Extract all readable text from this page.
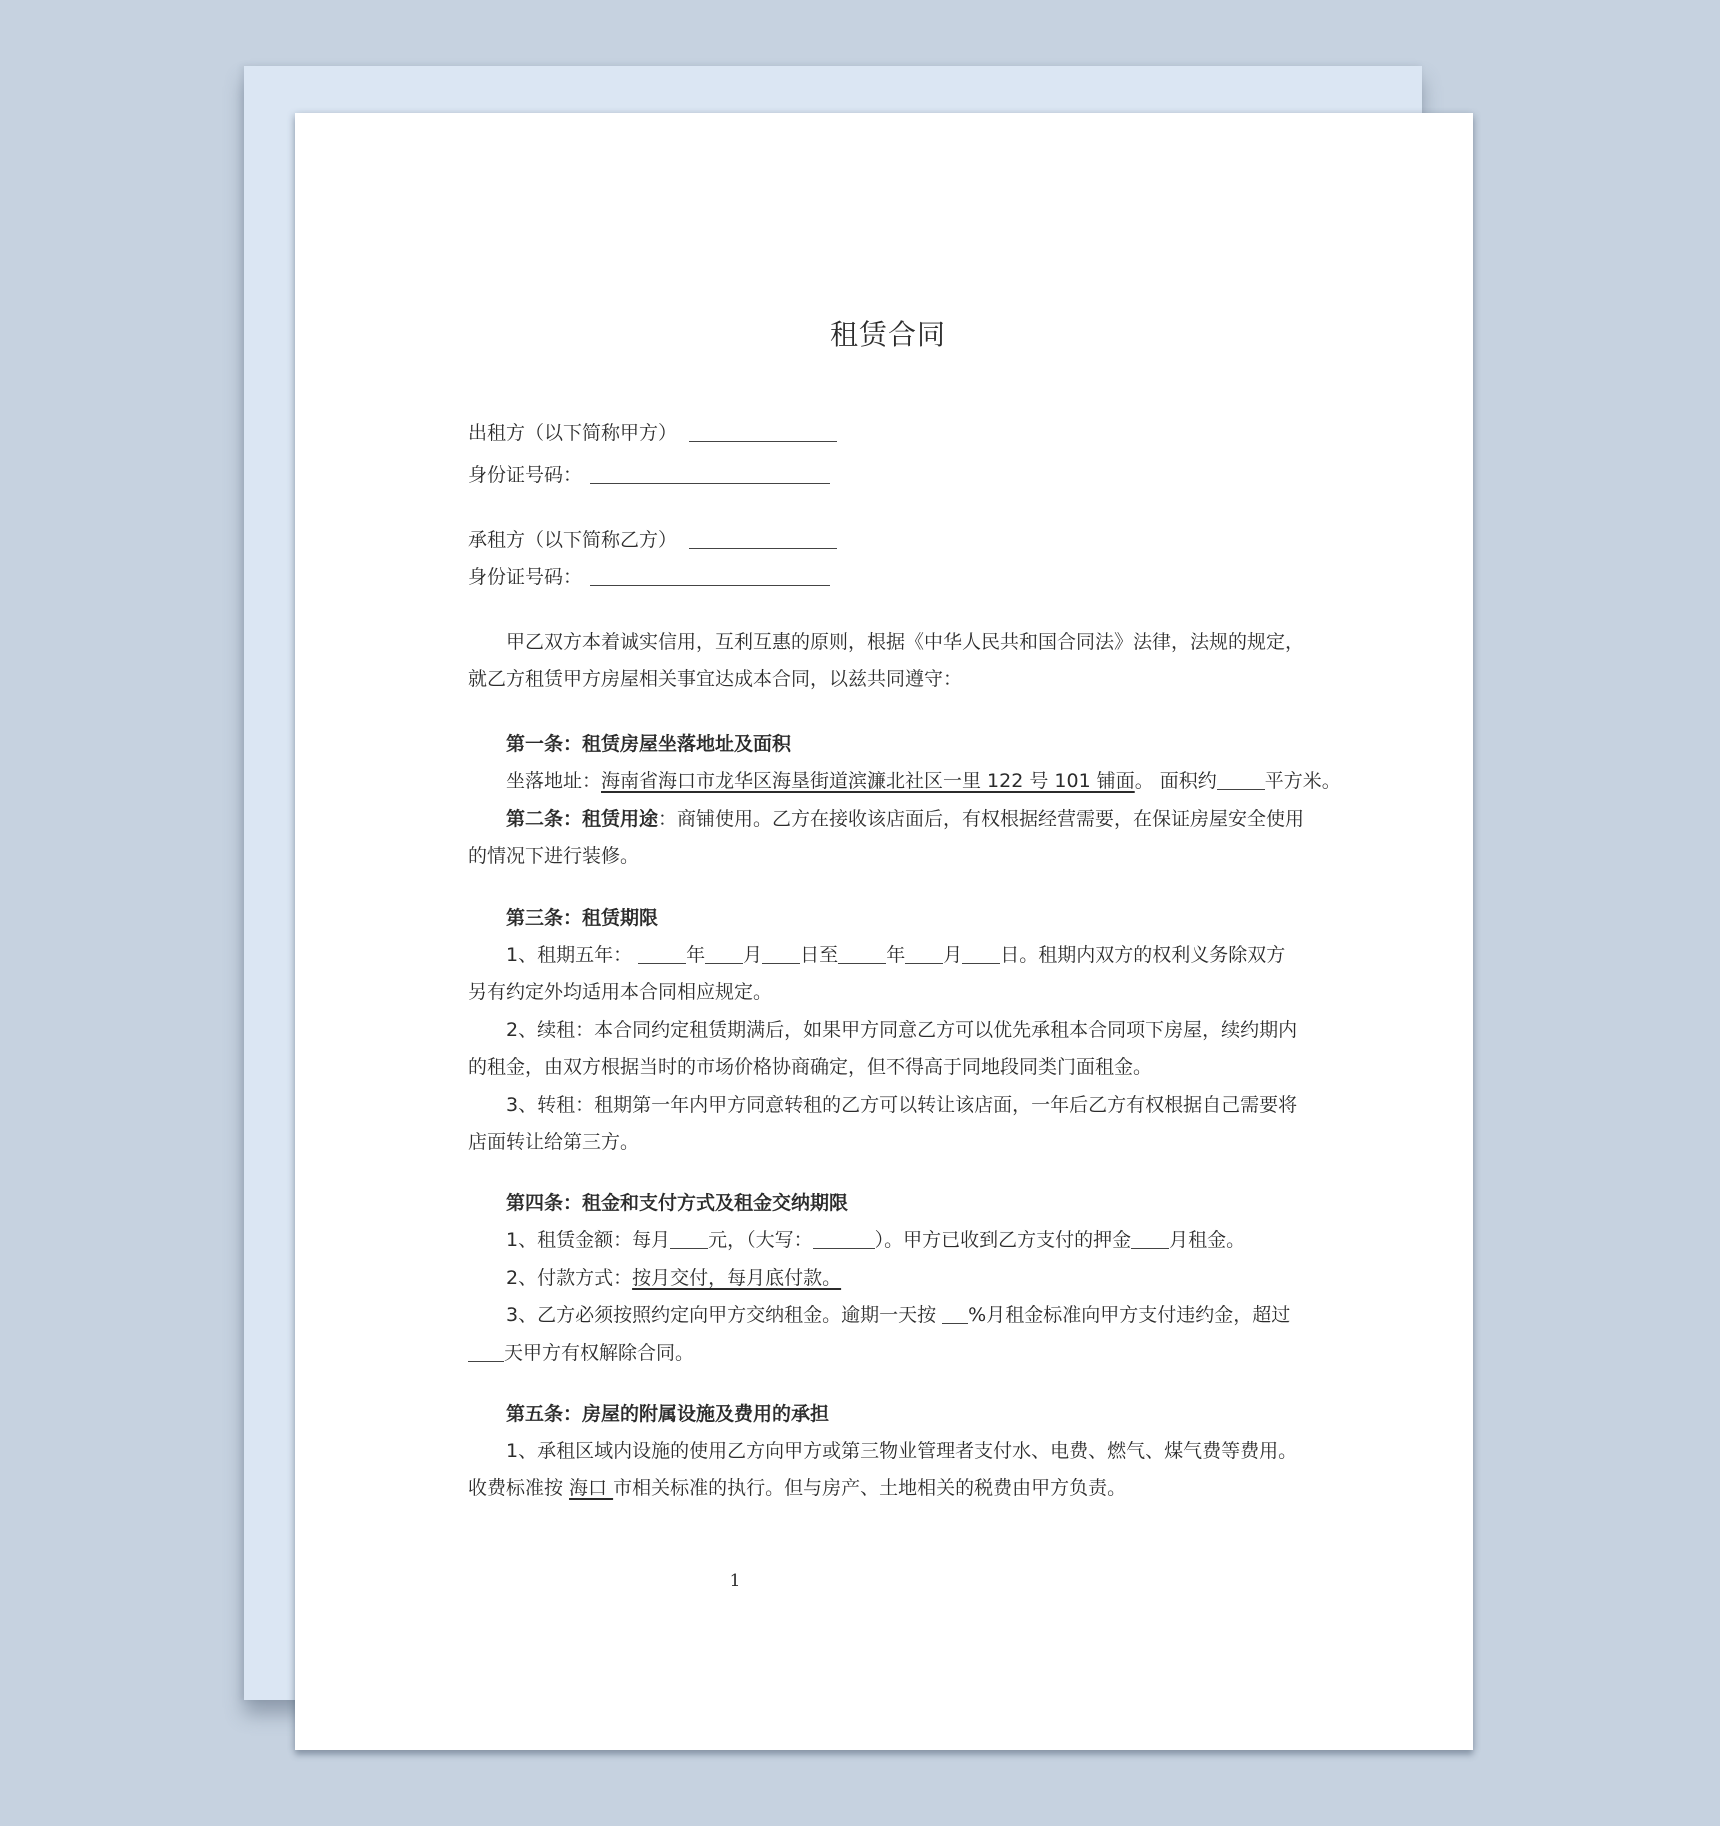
租赁合同
出租方（以下简称甲方）
身份证号码：
承租方（以下简称乙方）
身份证号码：
甲乙双方本着诚实信用，互利互惠的原则，根据《中华人民共和国合同法》法律，法规的规定，
就乙方租赁甲方房屋相关事宜达成本合同，以兹共同遵守：
第一条：租赁房屋坐落地址及面积
坐落地址：海南省海口市龙华区海垦街道滨濂北社区一里 122 号 101 铺面。 面积约	平方米。
第二条：租赁用途：商铺使用。乙方在接收该店面后，有权根据经营需要，在保证房屋安全使用
的情况下进行装修。
第三条：租赁期限
1、租期五年：	年 月 日至	年 月 日。租期内双方的权利义务除双方
另有约定外均适用本合同相应规定。
2、续租：本合同约定租赁期满后，如果甲方同意乙方可以优先承租本合同项下房屋，续约期内
的租金，由双方根据当时的市场价格协商确定，但不得高于同地段同类门面租金。
3、转租：租期第一年内甲方同意转租的乙方可以转让该店面，一年后乙方有权根据自己需要将
店面转让给第三方。
第四条：租金和支付方式及租金交纳期限
1、租赁金额：每月 元，（大写：	）。甲方已收到乙方支付的押金 月租金。
2、付款方式：按月交付，每月底付款。
3、乙方必须按照约定向甲方交纳租金。逾期一天按 %月租金标准向甲方支付违约金，超过
天甲方有权解除合同。
第五条：房屋的附属设施及费用的承担
1、承租区域内设施的使用乙方向甲方或第三物业管理者支付水、电费、燃气、煤气费等费用。
收费标准按 海口 市相关标准的执行。但与房产、土地相关的税费由甲方负责。
1
